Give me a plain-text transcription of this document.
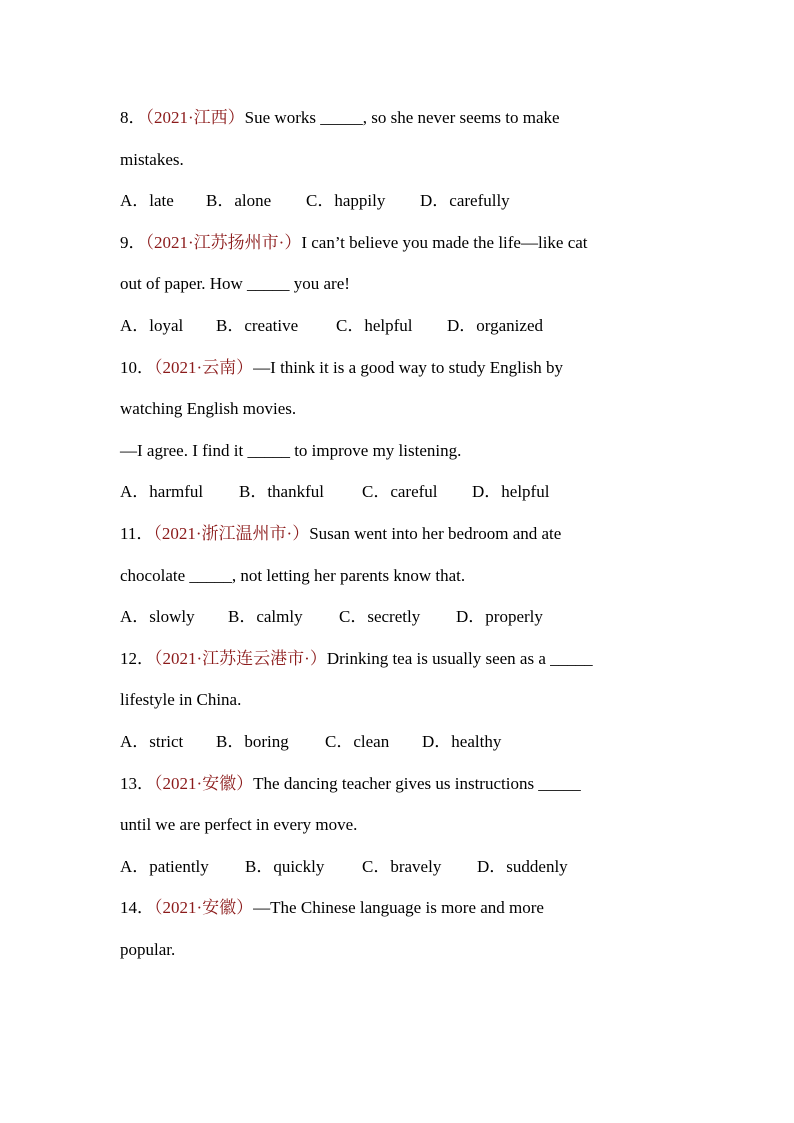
8．（2021·江西）Sue works _____, so she never seems to make
mistakes.
A．late B．alone C．happily D．carefully
9．（2021·江苏扬州市·）I can’t believe you made the life—like cat
out of paper. How _____ you are!
A．loyal B．creative C．helpful D．organized
10．（2021·云南）—I think it is a good way to study English by
watching English movies.
—I agree. I find it _____ to improve my listening.
A．harmful B．thankful C．careful D．helpful
11．（2021·浙江温州市·）Susan went into her bedroom and ate
chocolate _____, not letting her parents know that.
A．slowly B．calmly C．secretly D．properly
12．（2021·江苏连云港市·）Drinking tea is usually seen as a _____
lifestyle in China.
A．strict B．boring C．clean D．healthy
13．（2021·安徽）The dancing teacher gives us instructions _____
until we are perfect in every move.
A．patiently B．quickly C．bravely D．suddenly
14．（2021·安徽）—The Chinese language is more and more
popular.
